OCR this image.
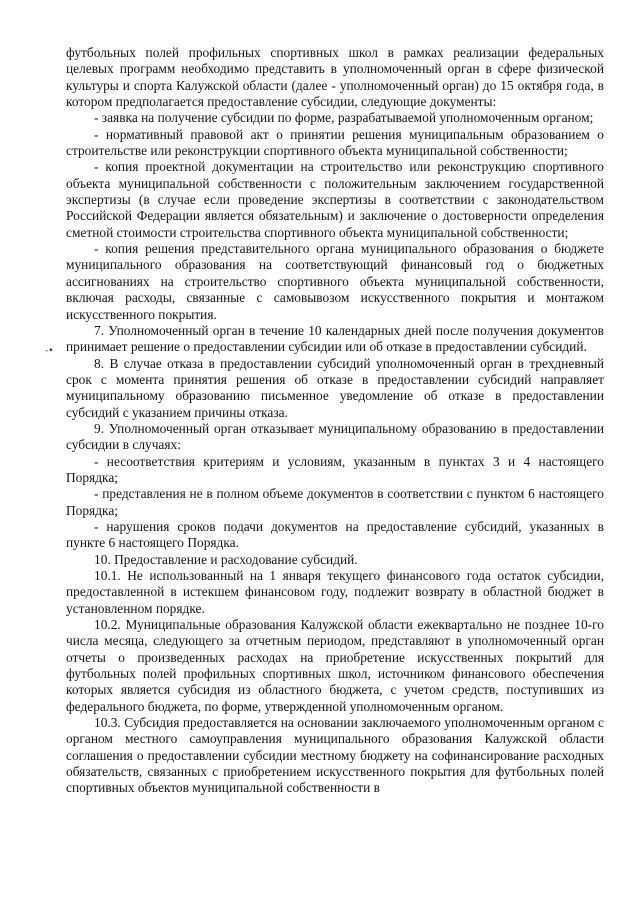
-•

футбольных полей профильных спортивных школ в рамках реализации федеральных целевых программ необходимо представить в уполномоченный орган в сфере физической культуры и спорта Калужской области (далее - уполномоченный орган) до 15 октября года, в котором предполагается предоставление субсидии, следующие документы:

- заявка на получение субсидии по форме, разрабатываемой уполномоченным органом;

- нормативный правовой акт о принятии решения муниципальным образованием о строительстве или реконструкции спортивного объекта муниципальной собственности;

- копия проектной документации на строительство или реконструкцию спортивного объекта муниципальной собственности с положительным заключением государственной экспертизы (в случае если проведение экспертизы в соответствии с законодательством Российской Федерации является обязательным) и заключение о достоверности определения сметной стоимости строительства спортивного объекта муниципальной собственности;

- копия решения представительного органа муниципального образования о бюджете муниципального образования на соответствующий финансовый год о бюджетных ассигнованиях на строительство спортивного объекта муниципальной собственности, включая расходы, связанные с самовывозом искусственного покрытия и монтажом искусственного покрытия.

7. Уполномоченный орган в течение 10 календарных дней после получения документов принимает решение о предоставлении субсидии или об отказе в предоставлении субсидий.

8. В случае отказа в предоставлении субсидий уполномоченный орган в трехдневный срок с момента принятия решения об отказе в предоставлении субсидий направляет муниципальному образованию письменное уведомление об отказе в предоставлении субсидий с указанием причины отказа.

9. Уполномоченный орган отказывает муниципальному образованию в предоставлении субсидии в случаях:

- несоответствия критериям и условиям, указанным в пунктах 3 и 4 настоящего Порядка;

- представления не в полном объеме документов в соответствии с пунктом 6 настоящего Порядка;

- нарушения сроков подачи документов на предоставление субсидий, указанных в пункте 6 настоящего Порядка.

10. Предоставление и расходование субсидий.

10.1. Не использованный на 1 января текущего финансового года остаток субсидии, предоставленной в истекшем финансовом году, подлежит возврату в областной бюджет в установленном порядке.

10.2. Муниципальные образования Калужской области ежеквартально не позднее 10-го числа месяца, следующего за отчетным периодом, представляют в уполномоченный орган отчеты о произведенных расходах на приобретение искусственных покрытий для футбольных полей профильных спортивных школ, источником финансового обеспечения которых является субсидия из областного бюджета, с учетом средств, поступивших из федерального бюджета, по форме, утвержденной уполномоченным органом.

10.3. Субсидия предоставляется на основании заключаемого уполномоченным органом с органом местного самоуправления муниципального образования Калужской области соглашения о предоставлении субсидии местному бюджету на софинансирование расходных обязательств, связанных с приобретением искусственного покрытия для футбольных полей спортивных объектов муниципальной собственности в
